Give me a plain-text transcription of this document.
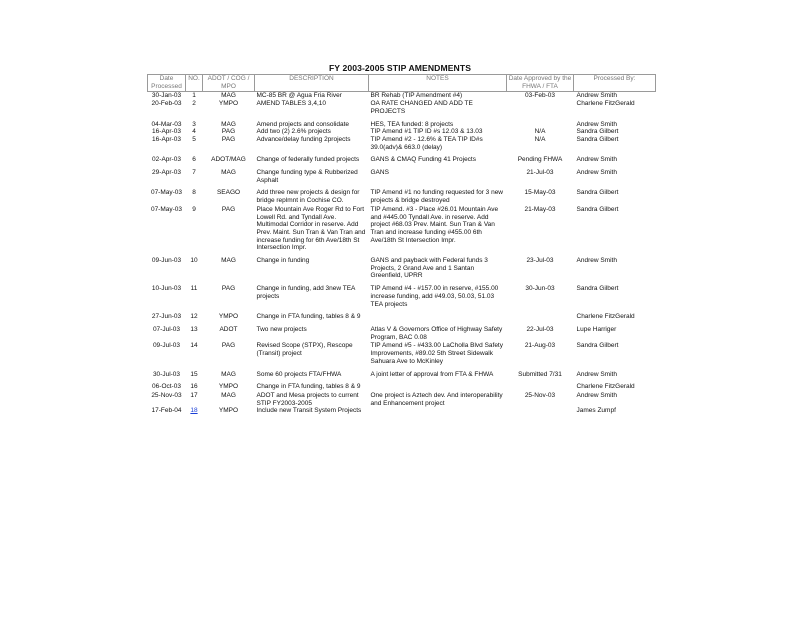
FY 2003-2005 STIP AMENDMENTS
Date Processed	NO.	ADOT / COG / MPO	DESCRIPTION	NOTES	Date Approved by the FHWA / FTA	Processed By:
30-Jan-03	1	MAG	MC-85 BR @ Agua Fria River	BR Rehab (TIP Amendment #4)	03-Feb-03	Andrew Smith
20-Feb-03	2	YMPO	AMEND TABLES 3,4,10	OA RATE CHANGED AND ADD TE PROJECTS		Charlene FitzGerald
04-Mar-03	3	MAG	Amend projects and consolidate	HES, TEA funded: 8 projects		Andrew Smith
16-Apr-03	4	PAG	Add two (2) 2.6% projects	TIP Amend #1 TIP ID #s 12.03 & 13.03	N/A	Sandra Gilbert
16-Apr-03	5	PAG	Advance/delay funding 2projects	TIP Amend #2 - 12.6% & TEA TIP ID#s 39.0(adv)& 663.0 (delay)	N/A	Sandra Gilbert
02-Apr-03	6	ADOT/MAG	Change of federally funded projects	GANS & CMAQ Funding 41 Projects	Pending FHWA	Andrew Smith
29-Apr-03	7	MAG	Change funding type & Rubberized Asphalt	GANS	21-Jul-03	Andrew Smith
07-May-03	8	SEAGO	Add three new projects & design for bridge replmnt in Cochise CO.	TIP Amend #1 no funding requested for 3 new projects & bridge destroyed	15-May-03	Sandra Gilbert
07-May-03	9	PAG	Place Mountain Ave Roger Rd to Fort Lowell Rd. and Tyndall Ave. Multimodal Corridor in reserve. Add Prev. Maint. Sun Tran & Van Tran and increase funding for 6th Ave/18th St Intersection Impr.	TIP Amend. #3 - Place #26.01 Mountain Ave and #445.00 Tyndall Ave. in reserve. Add project #68.03 Prev. Maint. Sun Tran & Van Tran and increase funding #455.00 6th Ave/18th St Intersection Impr.	21-May-03	Sandra Gilbert
09-Jun-03	10	MAG	Change in funding	GANS and payback with Federal funds 3 Projects, 2 Grand Ave and 1 Santan Greenfield, UPRR	23-Jul-03	Andrew Smith
10-Jun-03	11	PAG	Change in funding, add 3new TEA projects	TIP Amend #4 - #157.00 in reserve, #155.00 increase funding, add #49.03, 50.03, 51.03 TEA projects	30-Jun-03	Sandra Gilbert
27-Jun-03	12	YMPO	Change in FTA funding, tables 8 & 9			Charlene FitzGerald
07-Jul-03	13	ADOT	Two new projects	Atlas V & Governors Office of Highway Safety Program, BAC 0.08	22-Jul-03	Lupe Harriger
09-Jul-03	14	PAG	Revised Scope (STPX), Rescope (Transit) project	TIP Amend #5 - #433.00 LaCholla Blvd Safety Improvements, #89.02 5th Street Sidewalk Sahuara Ave to McKinley	21-Aug-03	Sandra Gilbert
30-Jul-03	15	MAG	Some 60 projects FTA/FHWA	A joint letter of approval from FTA & FHWA	Submitted 7/31	Andrew Smith
06-Oct-03	16	YMPO	Change in FTA funding, tables 8 & 9			Charlene FitzGerald
25-Nov-03	17	MAG	ADOT and Mesa projects to current STIP FY2003-2005	One project is Aztech dev. And interoperability and Enhancement project	25-Nov-03	Andrew Smith
17-Feb-04	18	YMPO	Include new Transit System Projects			James Zumpf
